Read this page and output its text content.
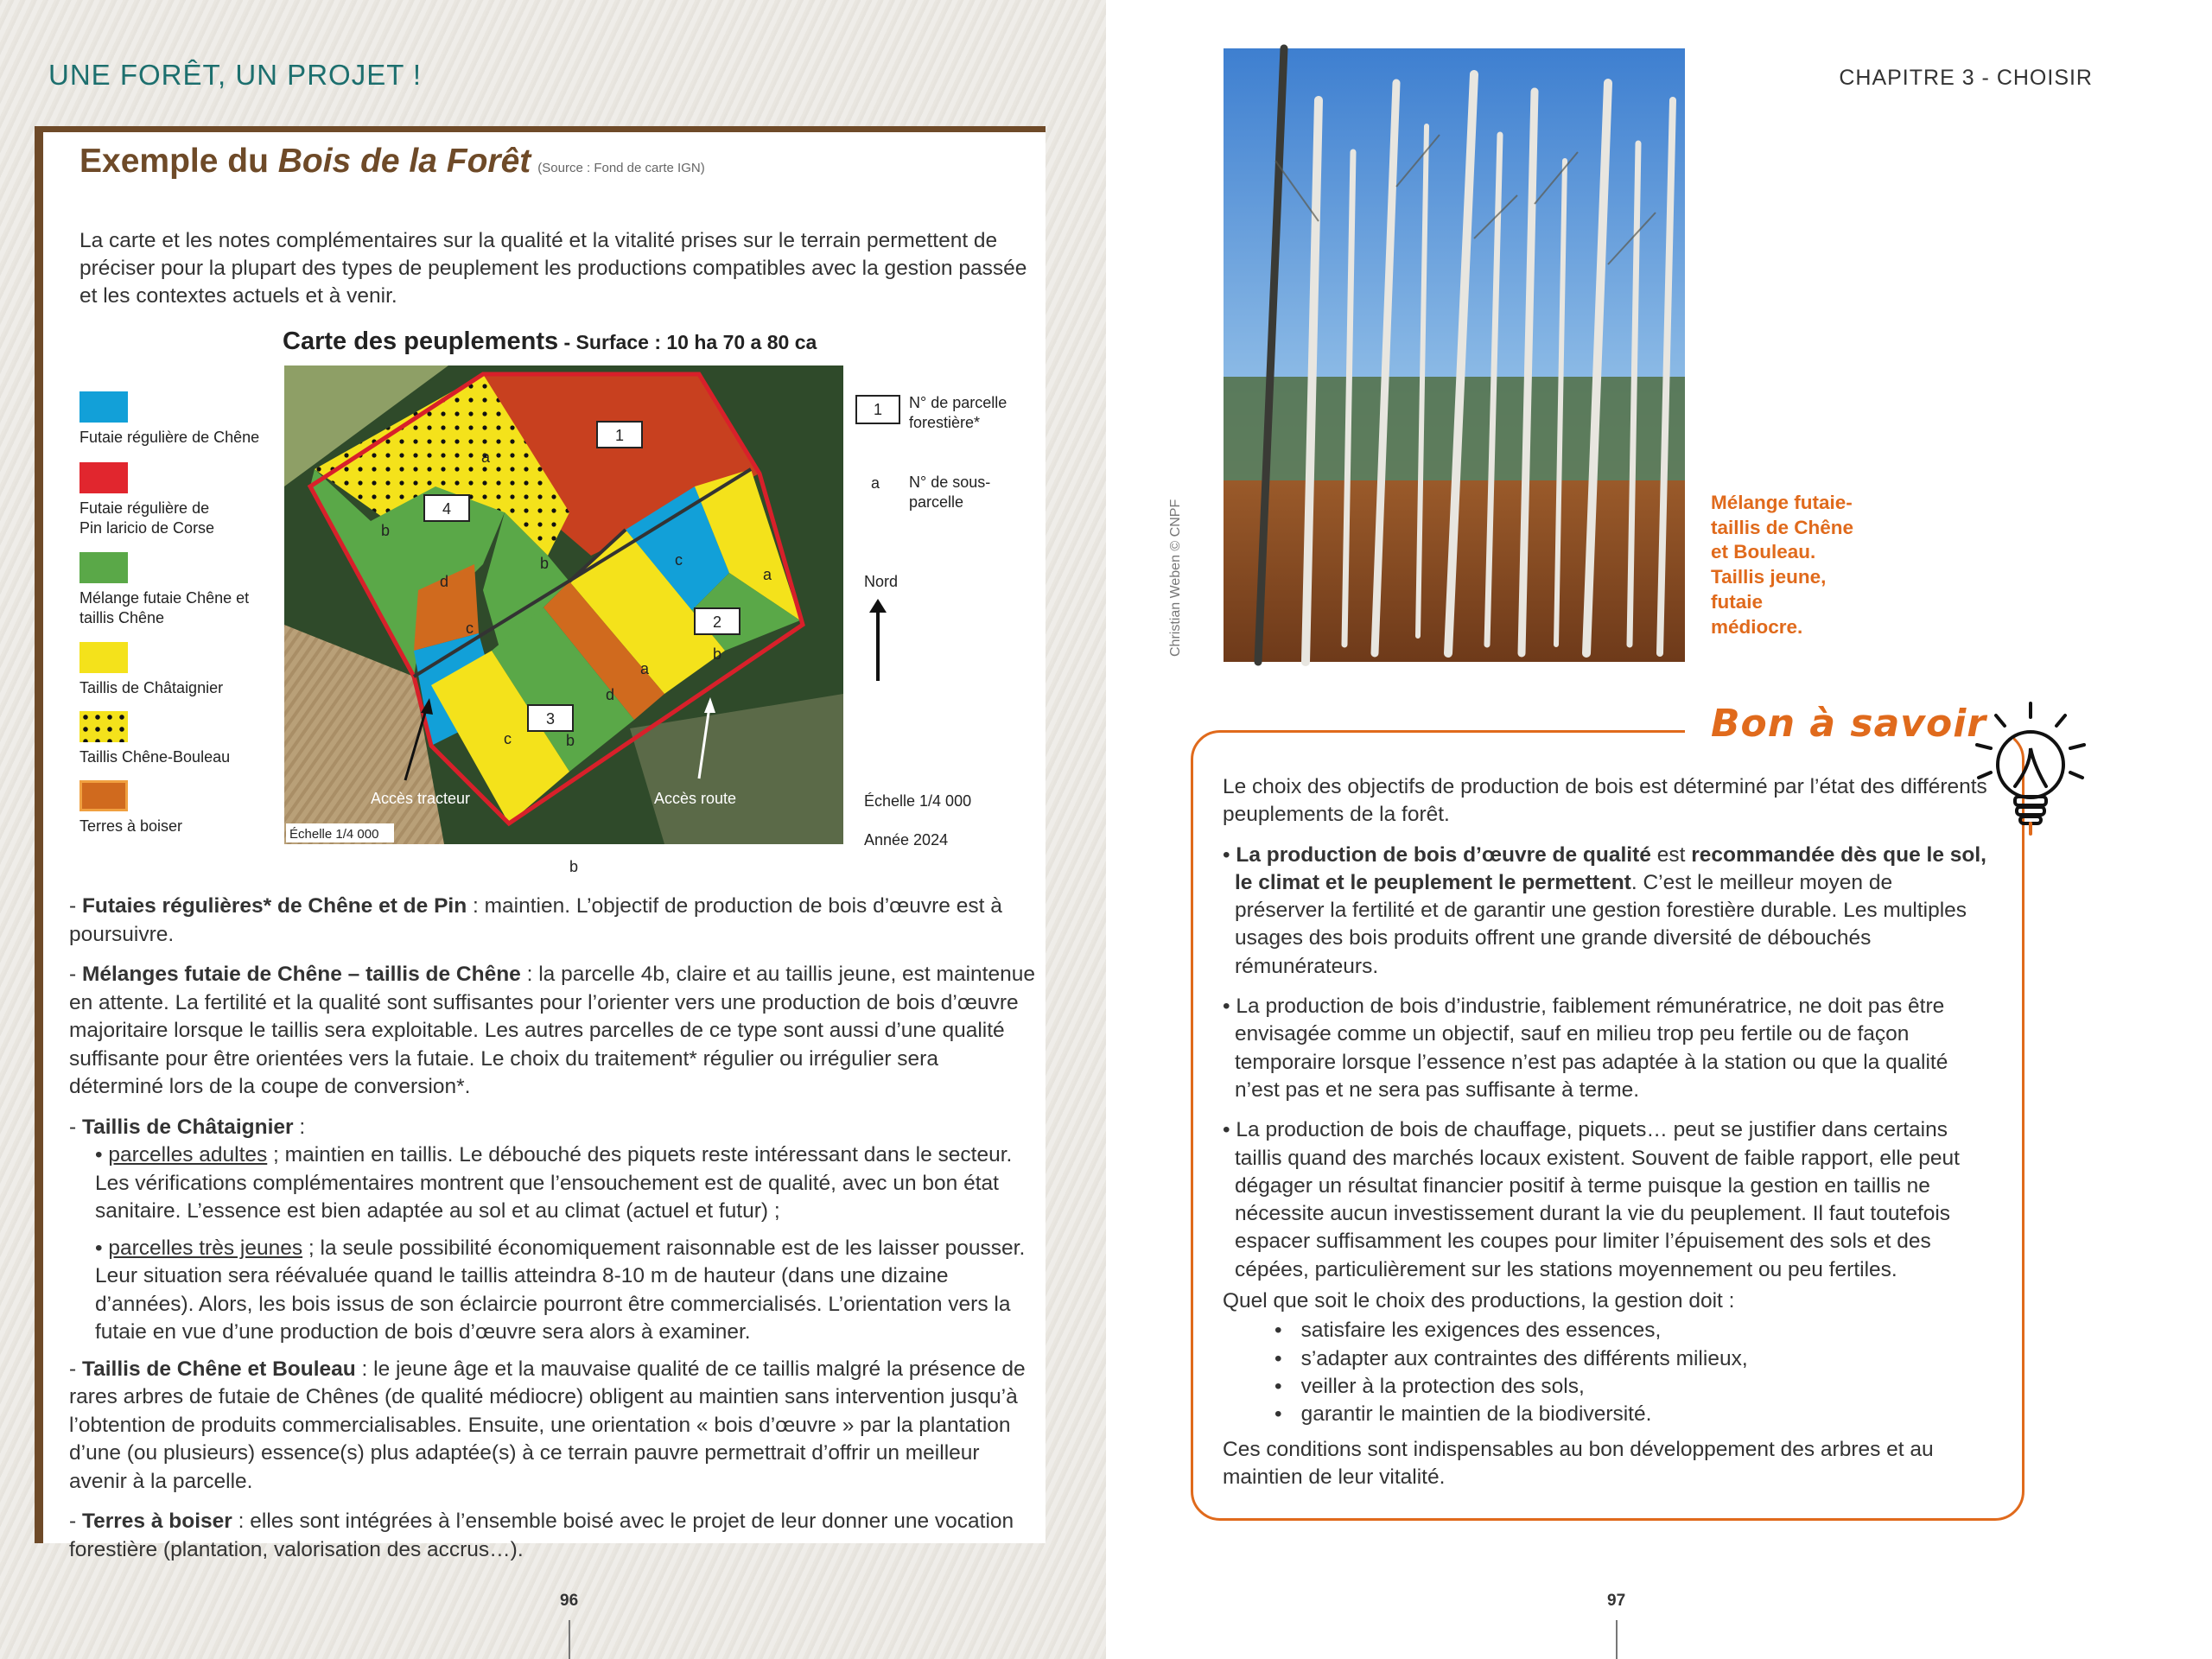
UNE FORÊT, UN PROJET !
Exemple du Bois de la Forêt (Source : Fond de carte IGN)

La carte et les notes complémentaires sur la qualité et la vitalité prises sur le terrain permettent de préciser pour la plupart des types de peuplement les productions compatibles avec la gestion passée et les contextes actuels et à venir.

Carte des peuplements - Surface : 10 ha 70 a 80 ca
Futaie régulière de Chêne
Futaie régulière de Pin laricio de Corse
Mélange futaie Chêne et taillis Chêne
Taillis de Châtaignier
Taillis Chêne-Bouleau
Terres à boiser
1
4
2
3
a
b
d
b
c
c
a
b
a
d
b
b
c
Accès tracteur	Accès route
Échelle 1/4 000
1 N° de parcelle forestière*
a N° de sous-parcelle
Nord
Échelle 1/4 000
Année 2024

- Futaies régulières* de Chêne et de Pin : maintien. L’objectif de production de bois d’œuvre est à poursuivre.

- Mélanges futaie de Chêne – taillis de Chêne : la parcelle 4b, claire et au taillis jeune, est maintenue en attente. La fertilité et la qualité sont suffisantes pour l’orienter vers une production de bois d’œuvre majoritaire lorsque le taillis sera exploitable. Les autres parcelles de ce type sont aussi d’une qualité suffisante pour être orientées vers la futaie. Le choix du traitement* régulier ou irrégulier sera déterminé lors de la coupe de conversion*.

- Taillis de Châtaignier :

• parcelles adultes ; maintien en taillis. Le débouché des piquets reste intéressant dans le secteur. Les vérifications complémentaires montrent que l’ensouchement est de qualité, avec un bon état sanitaire. L’essence est bien adaptée au sol et au climat (actuel et futur) ;

• parcelles très jeunes ; la seule possibilité économiquement raisonnable est de les laisser pousser. Leur situation sera réévaluée quand le taillis atteindra 8-10 m de hauteur (dans une dizaine d’années). Alors, les bois issus de son éclaircie pourront être commercialisés. L’orientation vers la futaie en vue d’une production de bois d’œuvre sera alors à examiner.

- Taillis de Chêne et Bouleau : le jeune âge et la mauvaise qualité de ce taillis malgré la présence de rares arbres de futaie de Chênes (de qualité médiocre) obligent au maintien sans intervention jusqu’à l’obtention de produits commercialisables. Ensuite, une orientation « bois d’œuvre » par la plantation d’une (ou plusieurs) essence(s) plus adaptée(s) à ce terrain pauvre permettrait d’offrir un meilleur avenir à la parcelle.

- Terres à boiser : elles sont intégrées à l’ensemble boisé avec le projet de leur donner une vocation forestière (plantation, valorisation des accrus…).

96
CHAPITRE 3 - CHOISIR
Christian Weben © CNPF	Mélange futaie-taillis de Chêne et Bouleau. Taillis jeune, futaie médiocre.
Bon à savoir

Le choix des objectifs de production de bois est déterminé par l’état des différents peuplements de la forêt.

• La production de bois d’œuvre de qualité est recommandée dès que le sol, le climat et le peuplement le permettent. C’est le meilleur moyen de préserver la fertilité et de garantir une gestion forestière durable. Les multiples usages des bois produits offrent une grande diversité de débouchés rémunérateurs.

• La production de bois d’industrie, faiblement rémunératrice, ne doit pas être envisagée comme un objectif, sauf en milieu trop peu fertile ou de façon temporaire lorsque l’essence n’est pas adaptée à la station ou que la qualité n’est pas et ne sera pas suffisante à terme.

• La production de bois de chauffage, piquets… peut se justifier dans certains taillis quand des marchés locaux existent. Souvent de faible rapport, elle peut dégager un résultat financier positif à terme puisque la gestion en taillis ne nécessite aucun investissement durant la vie du peuplement. Il faut toutefois espacer suffisamment les coupes pour limiter l’épuisement des sols et des cépées, particulièrement sur les stations moyennement ou peu fertiles.

Quel que soit le choix des productions, la gestion doit :

• satisfaire les exigences des essences,
• s’adapter aux contraintes des différents milieux,
• veiller à la protection des sols,
• garantir le maintien de la biodiversité.

Ces conditions sont indispensables au bon développement des arbres et au maintien de leur vitalité.

97
